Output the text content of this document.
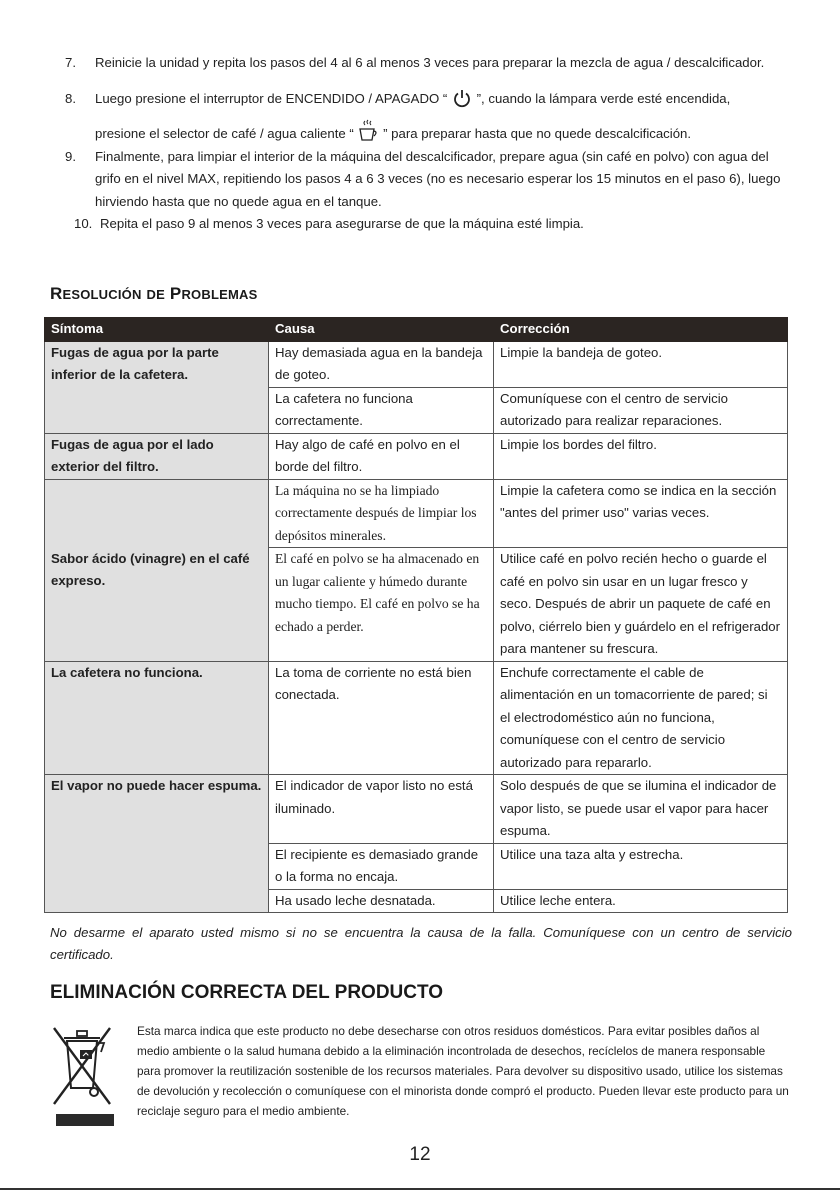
7. Reinicie la unidad y repita los pasos del 4 al 6 al menos 3 veces para preparar la mezcla de agua / descalcificador.
8. Luego presione el interruptor de ENCENDIDO / APAGADO “ ”, cuando la lámpara verde esté encendida,
presione el selector de café / agua caliente “ ” para preparar hasta que no quede descalcificación.
9. Finalmente, para limpiar el interior de la máquina del descalcificador, prepare agua (sin café en polvo) con agua del grifo en el nivel MAX, repitiendo los pasos 4 a 6 3 veces (no es necesario esperar los 15 minutos en el paso 6), luego hirviendo hasta que no quede agua en el tanque.
10. Repita el paso 9 al menos 3 veces para asegurarse de que la máquina esté limpia.
RESOLUCIÓN DE PROBLEMAS
Síntoma	Causa	Corrección
Fugas de agua por la parte inferior de la cafetera.	Hay demasiada agua en la bandeja de goteo.	Limpie la bandeja de goteo.
	La cafetera no funciona correctamente.	Comuníquese con el centro de servicio autorizado para realizar reparaciones.
Fugas de agua por el lado exterior del filtro.	Hay algo de café en polvo en el borde del filtro.	Limpie los bordes del filtro.
Sabor ácido (vinagre) en el café expreso.	La máquina no se ha limpiado correctamente después de limpiar los depósitos minerales.	Limpie la cafetera como se indica en la sección "antes del primer uso" varias veces.
	El café en polvo se ha almacenado en un lugar caliente y húmedo durante mucho tiempo. El café en polvo se ha echado a perder.	Utilice café en polvo recién hecho o guarde el café en polvo sin usar en un lugar fresco y seco. Después de abrir un paquete de café en polvo, ciérrelo bien y guárdelo en el refrigerador para mantener su frescura.
La cafetera no funciona.	La toma de corriente no está bien conectada.	Enchufe correctamente el cable de alimentación en un tomacorriente de pared; si el electrodoméstico aún no funciona, comuníquese con el centro de servicio autorizado para repararlo.
El vapor no puede hacer espuma.	El indicador de vapor listo no está iluminado.	Solo después de que se ilumina el indicador de vapor listo, se puede usar el vapor para hacer espuma.
	El recipiente es demasiado grande o la forma no encaja.	Utilice una taza alta y estrecha.
	Ha usado leche desnatada.	Utilice leche entera.
No desarme el aparato usted mismo si no se encuentra la causa de la falla. Comuníquese con un centro de servicio certificado.
ELIMINACIÓN CORRECTA DEL PRODUCTO
Esta marca indica que este producto no debe desecharse con otros residuos domésticos. Para evitar posibles daños al medio ambiente o la salud humana debido a la eliminación incontrolada de desechos, recíclelos de manera responsable para promover la reutilización sostenible de los recursos materiales. Para devolver su dispositivo usado, utilice los sistemas de devolución y recolección o comuníquese con el minorista donde compró el producto. Pueden llevar este producto para un reciclaje seguro para el medio ambiente.
12
